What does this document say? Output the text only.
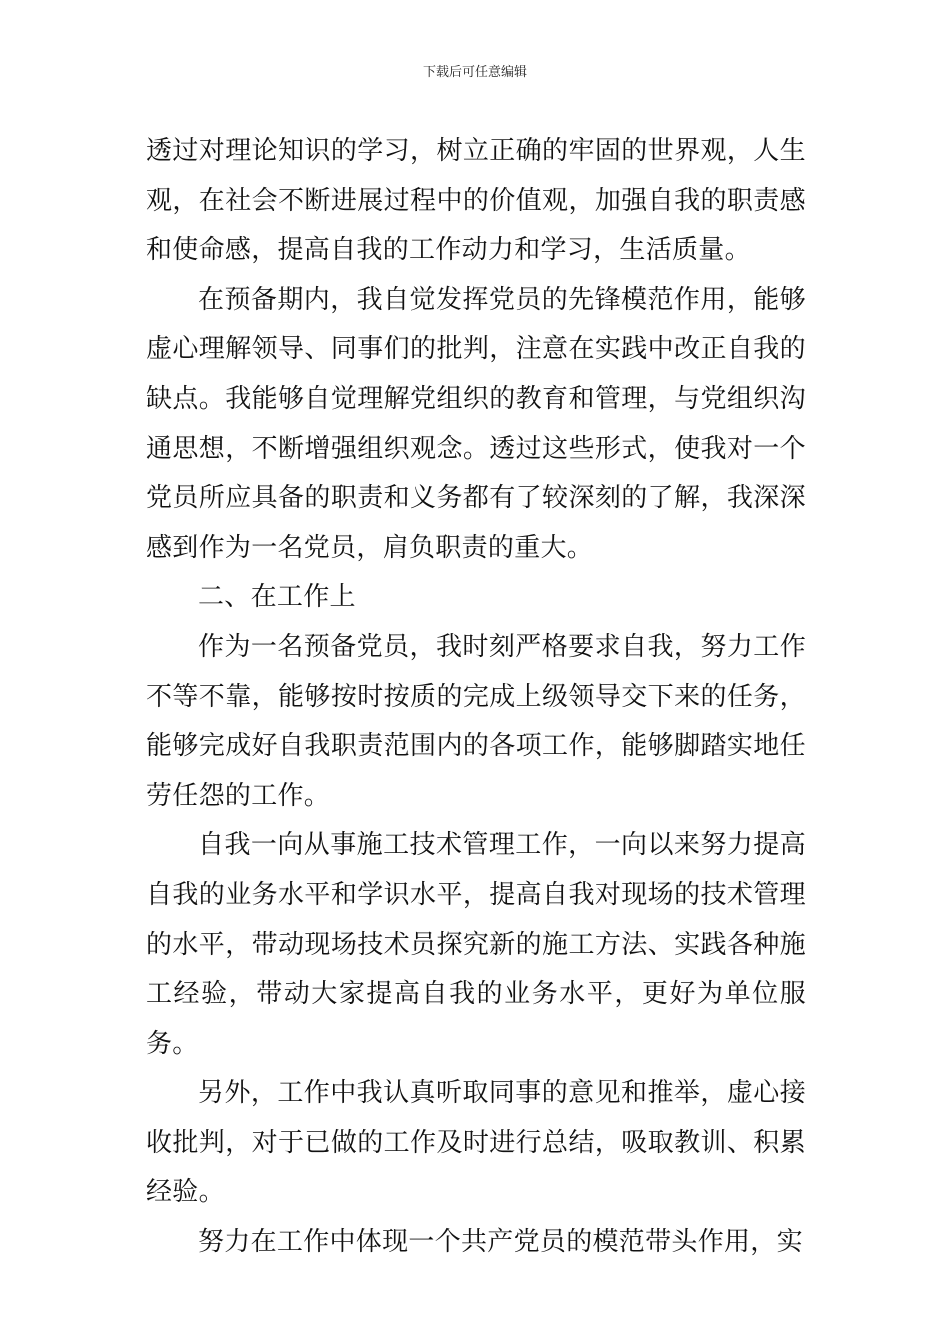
下载后可任意编辑

透过对理论知识的学习，树立正确的牢固的世界观，人生观，在社会不断进展过程中的价值观，加强自我的职责感和使命感，提高自我的工作动力和学习，生活质量。

在预备期内，我自觉发挥党员的先锋模范作用，能够虚心理解领导、同事们的批判，注意在实践中改正自我的缺点。我能够自觉理解党组织的教育和管理，与党组织沟通思想，不断增强组织观念。透过这些形式，使我对一个党员所应具备的职责和义务都有了较深刻的了解，我深深感到作为一名党员，肩负职责的重大。

二、在工作上

作为一名预备党员，我时刻严格要求自我，努力工作不等不靠，能够按时按质的完成上级领导交下来的任务，能够完成好自我职责范围内的各项工作，能够脚踏实地任劳任怨的工作。

自我一向从事施工技术管理工作，一向以来努力提高自我的业务水平和学识水平，提高自我对现场的技术管理的水平，带动现场技术员探究新的施工方法、实践各种施工经验，带动大家提高自我的业务水平，更好为单位服务。

另外，工作中我认真听取同事的意见和推举，虚心接收批判，对于已做的工作及时进行总结，吸取教训、积累经验。

努力在工作中体现一个共产党员的模范带头作用，实
